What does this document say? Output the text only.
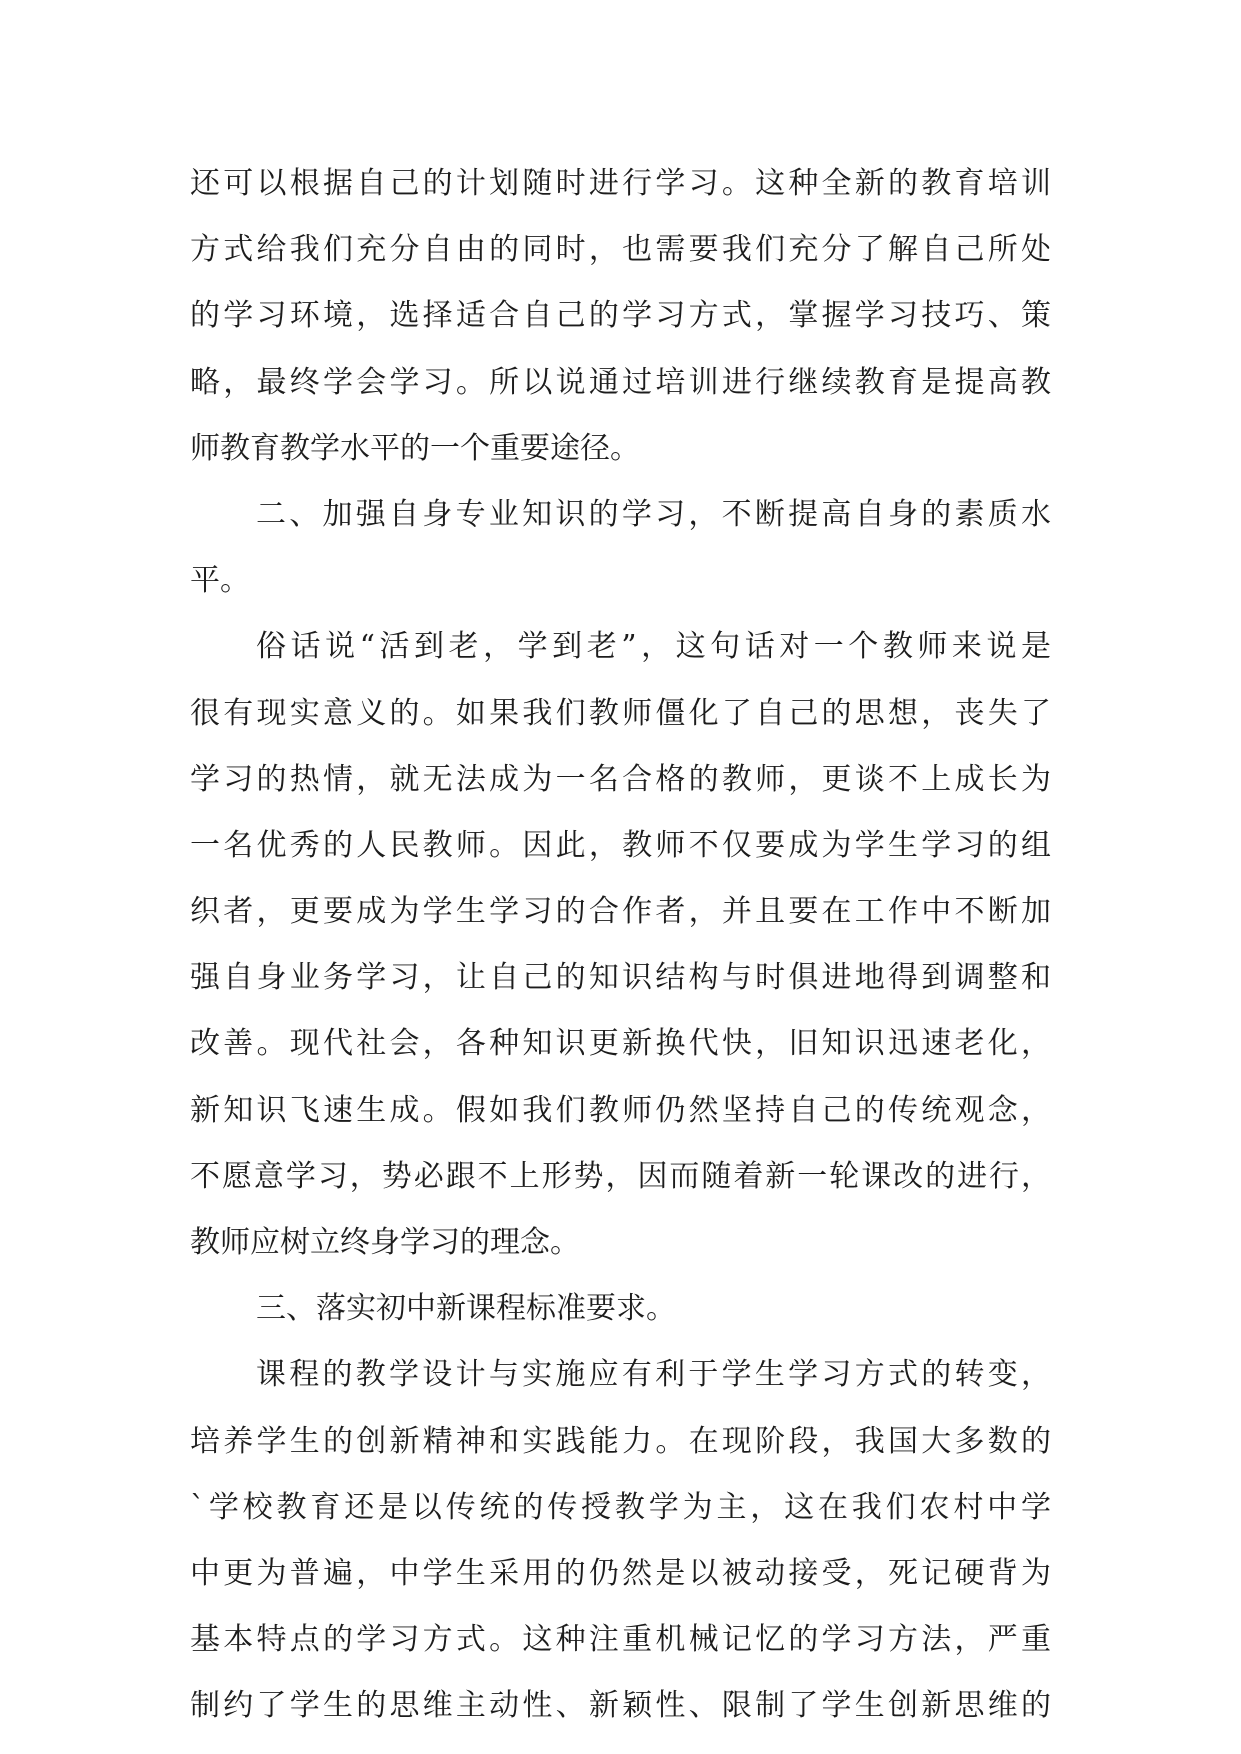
还可以根据自己的计划随时进行学习。这种全新的教育培训
方式给我们充分自由的同时，也需要我们充分了解自己所处
的学习环境，选择适合自己的学习方式，掌握学习技巧、策
略，最终学会学习。所以说通过培训进行继续教育是提高教
师教育教学水平的一个重要途径。
二、加强自身专业知识的学习，不断提高自身的素质水
平。
俗话说“活到老，学到老”，这句话对一个教师来说是
很有现实意义的。如果我们教师僵化了自己的思想，丧失了
学习的热情，就无法成为一名合格的教师，更谈不上成长为
一名优秀的人民教师。因此，教师不仅要成为学生学习的组
织者，更要成为学生学习的合作者，并且要在工作中不断加
强自身业务学习，让自己的知识结构与时俱进地得到调整和
改善。现代社会，各种知识更新换代快，旧知识迅速老化，
新知识飞速生成。假如我们教师仍然坚持自己的传统观念，
不愿意学习，势必跟不上形势，因而随着新一轮课改的进行，
教师应树立终身学习的理念。
三、落实初中新课程标准要求。
课程的教学设计与实施应有利于学生学习方式的转变，
培养学生的创新精神和实践能力。在现阶段，我国大多数的
`学校教育还是以传统的传授教学为主，这在我们农村中学
中更为普遍，中学生采用的仍然是以被动接受，死记硬背为
基本特点的学习方式。这种注重机械记忆的学习方法，严重
制约了学生的思维主动性、新颖性、限制了学生创新思维的
